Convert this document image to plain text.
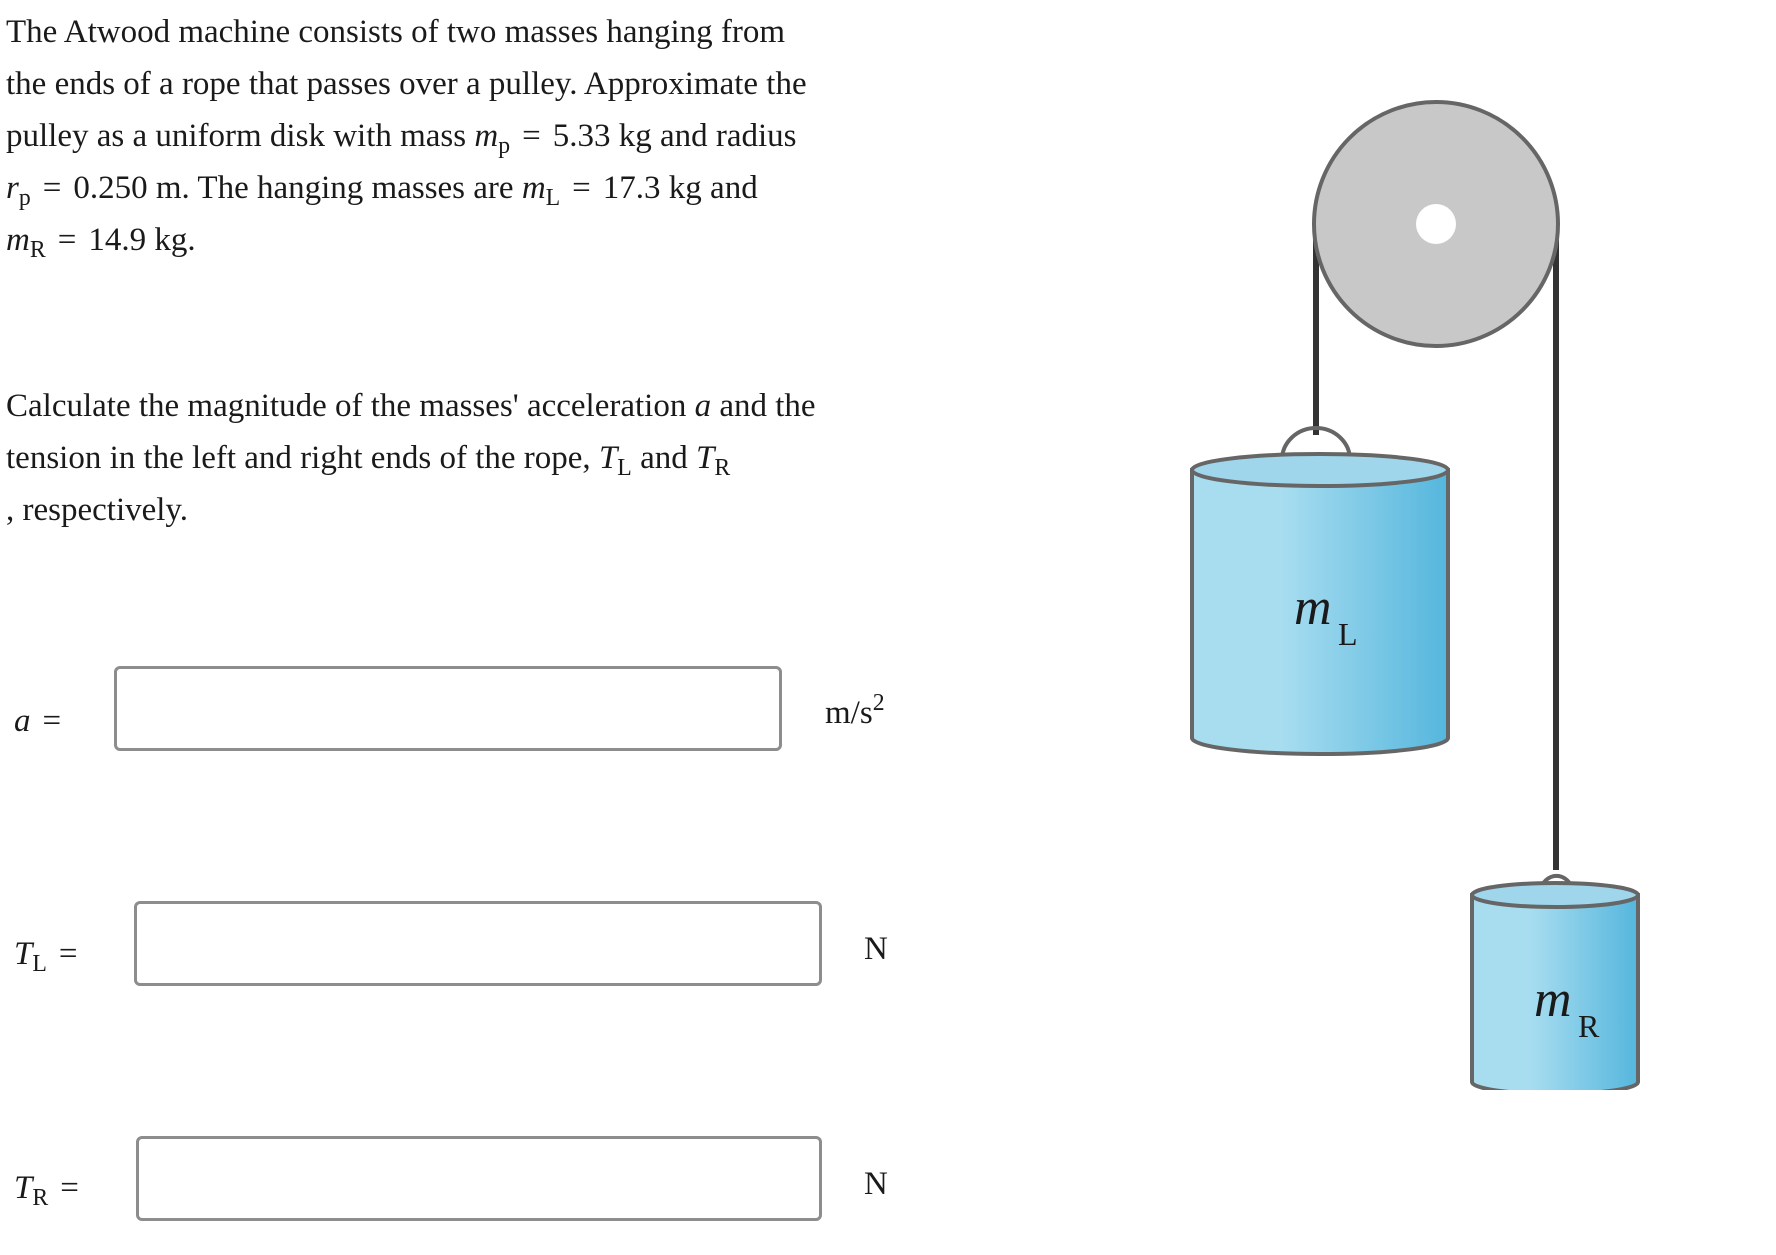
The Atwood machine consists of two masses hanging from
the ends of a rope that passes over a pulley. Approximate the
pulley as a uniform disk with mass $m_p = 5.33$ kg and radius
$r_p = 0.250$ m. The hanging masses are $m_L = 17.3$ kg and
$m_R = 14.9$ kg.
Calculate the magnitude of the masses' acceleration a and the
tension in the left and right ends of the rope, $T_L$ and $T_R$
, respectively.
a =	$m/s^2$
$T_L$ =	N
$T_R$ =	N
m L
m R
